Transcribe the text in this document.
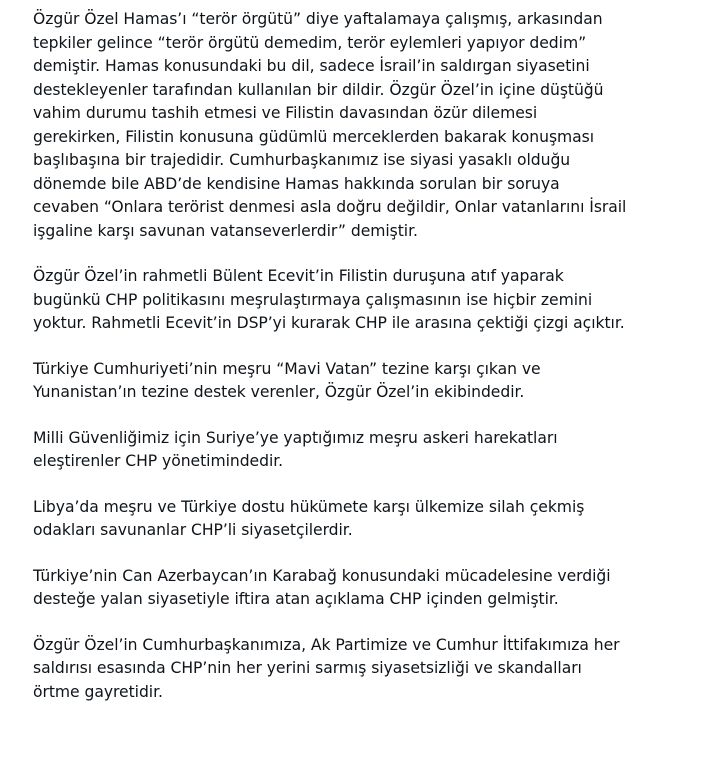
Özgür Özel Hamas’ı “terör örgütü” diye yaftalamaya çalışmış, arkasından
tepkiler gelince “terör örgütü demedim, terör eylemleri yapıyor dedim”
demiştir. Hamas konusundaki bu dil, sadece İsrail’in saldırgan siyasetini
destekleyenler tarafından kullanılan bir dildir. Özgür Özel’in içine düştüğü
vahim durumu tashih etmesi ve Filistin davasından özür dilemesi
gerekirken, Filistin konusuna güdümlü merceklerden bakarak konuşması
başlıbaşına bir trajedidir. Cumhurbaşkanımız ise siyasi yasaklı olduğu
dönemde bile ABD’de kendisine Hamas hakkında sorulan bir soruya
cevaben “Onlara terörist denmesi asla doğru değildir, Onlar vatanlarını İsrail
işgaline karşı savunan vatanseverlerdir” demiştir.

Özgür Özel’in rahmetli Bülent Ecevit’in Filistin duruşuna atıf yaparak
bugünkü CHP politikasını meşrulaştırmaya çalışmasının ise hiçbir zemini
yoktur. Rahmetli Ecevit’in DSP’yi kurarak CHP ile arasına çektiği çizgi açıktır.

Türkiye Cumhuriyeti’nin meşru “Mavi Vatan” tezine karşı çıkan ve
Yunanistan’ın tezine destek verenler, Özgür Özel’in ekibindedir.

Milli Güvenliğimiz için Suriye’ye yaptığımız meşru askeri harekatları
eleştirenler CHP yönetimindedir.

Libya’da meşru ve Türkiye dostu hükümete karşı ülkemize silah çekmiş
odakları savunanlar CHP’li siyasetçilerdir.

Türkiye’nin Can Azerbaycan’ın Karabağ konusundaki mücadelesine verdiği
desteğe yalan siyasetiyle iftira atan açıklama CHP içinden gelmiştir.

Özgür Özel’in Cumhurbaşkanımıza, Ak Partimize ve Cumhur İttifakımıza her
saldırısı esasında CHP’nin her yerini sarmış siyasetsizliği ve skandalları
örtme gayretidir.
